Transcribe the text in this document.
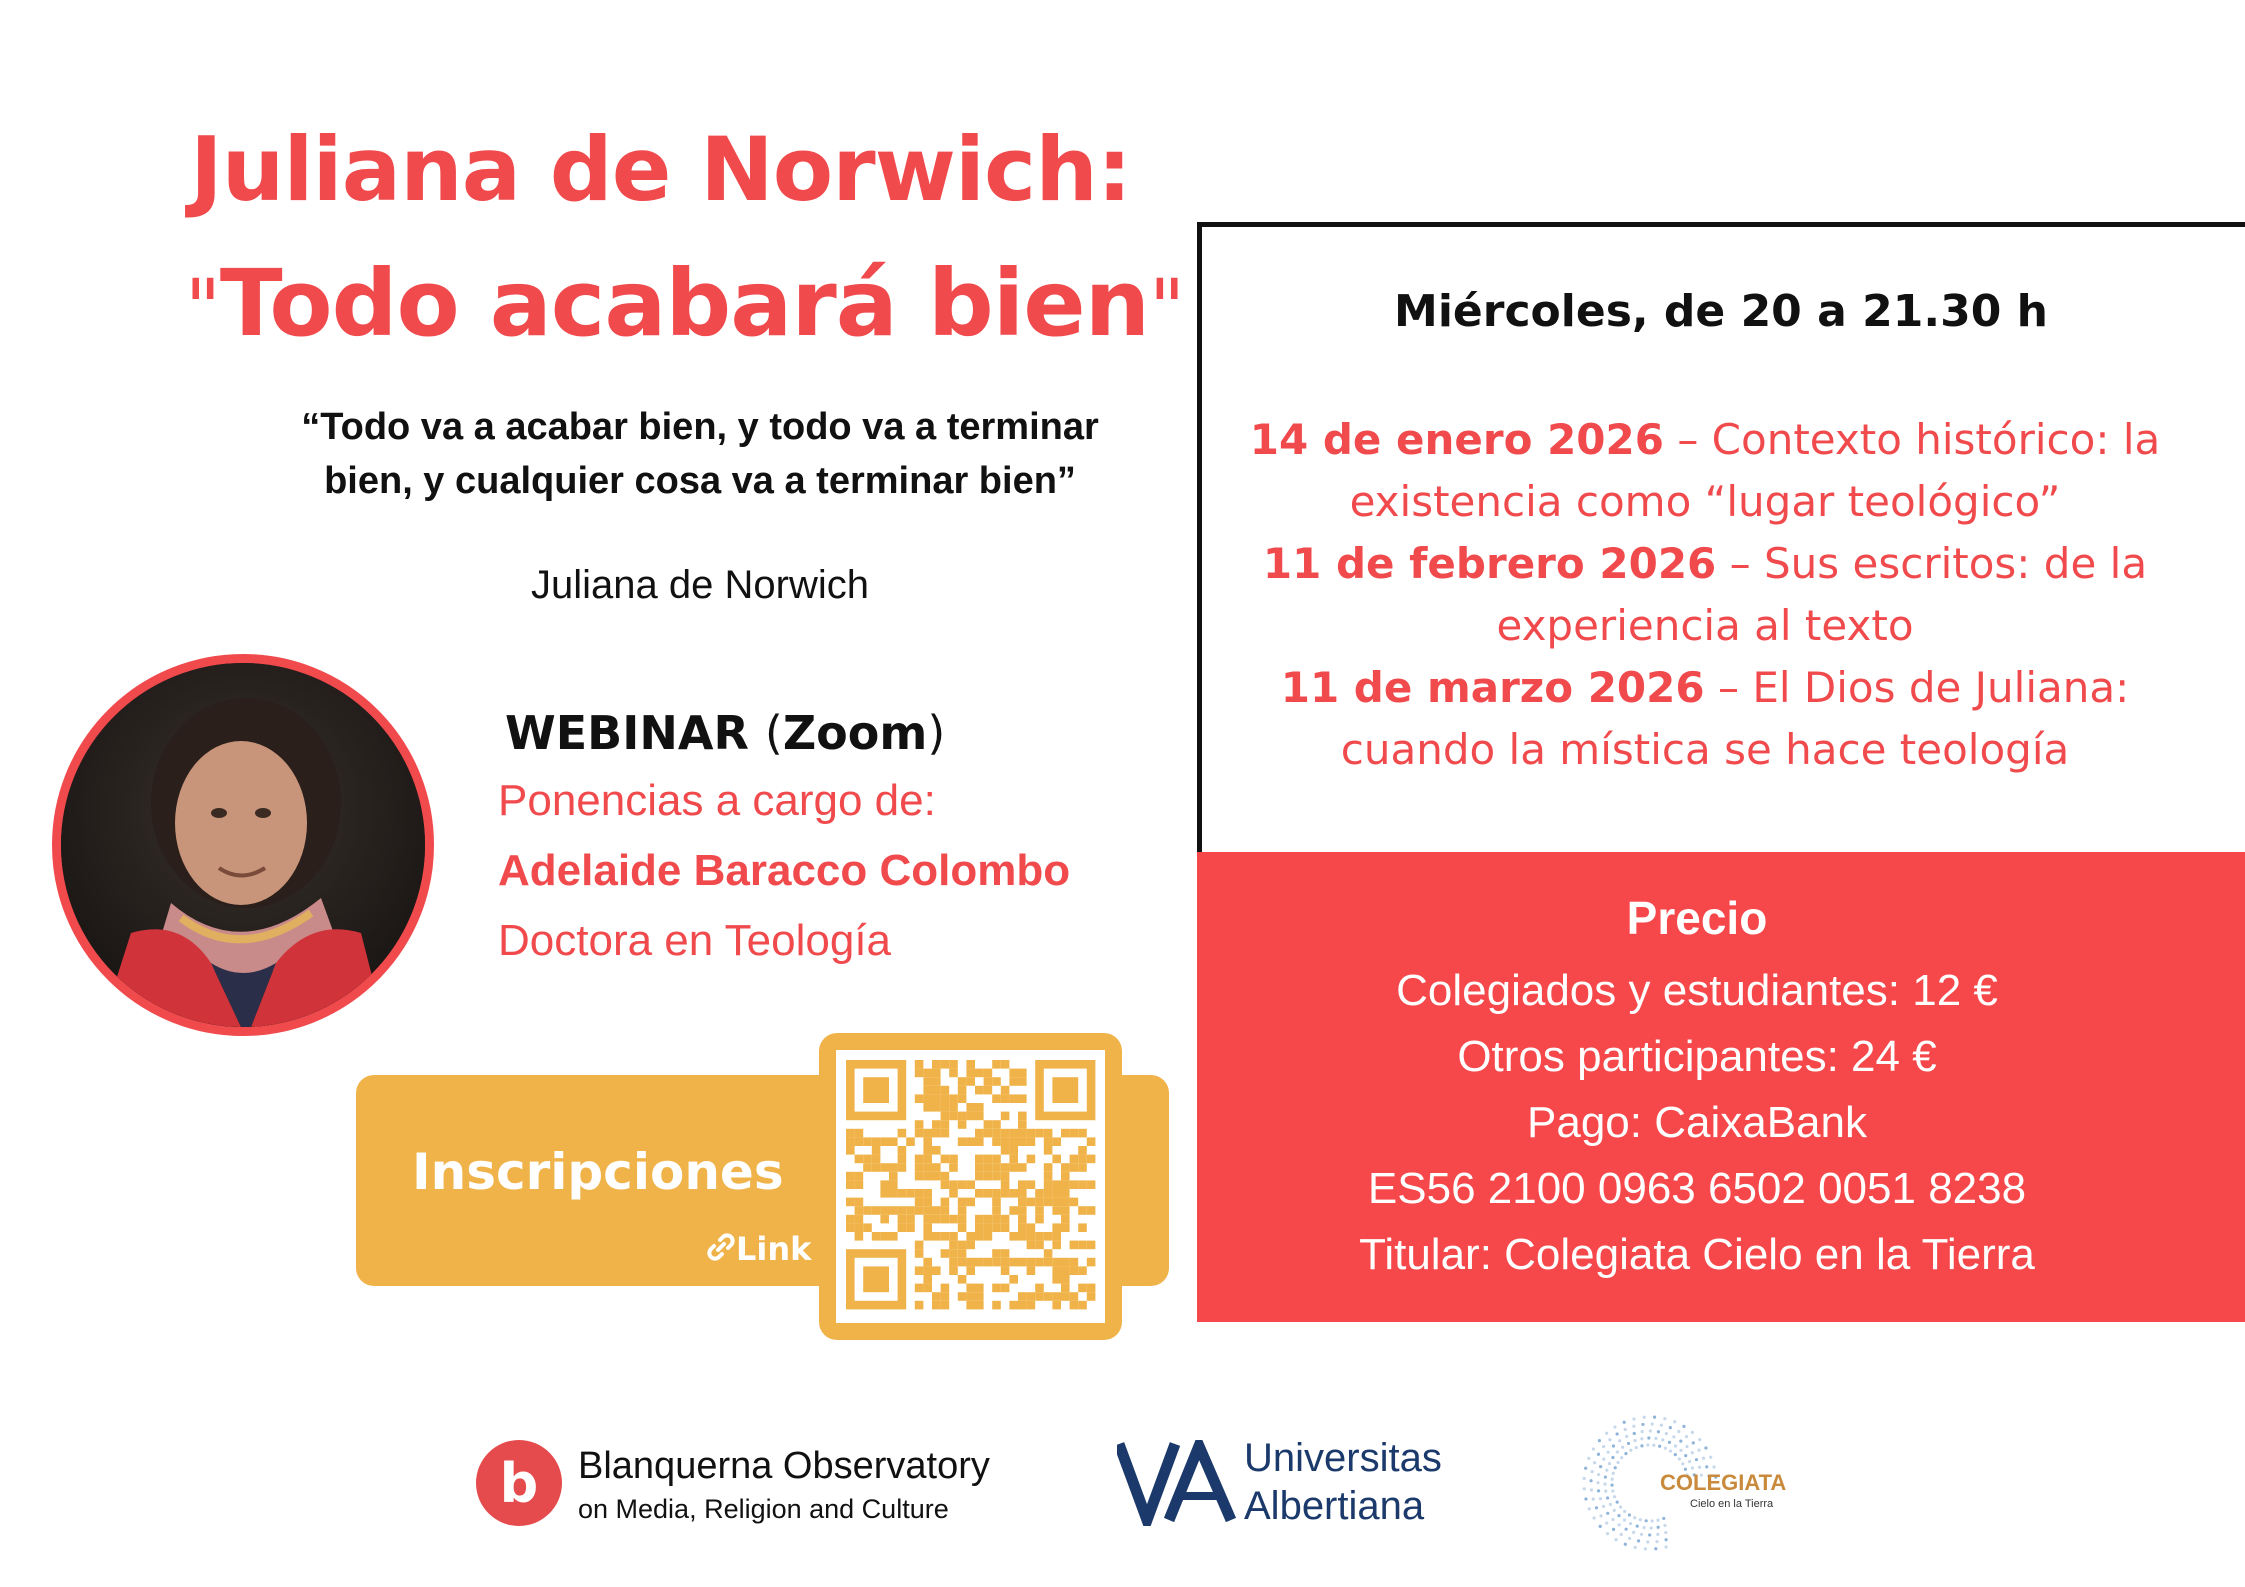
Juliana de Norwich:
"Todo acabará bien"
“Todo va a acabar bien, y todo va a terminar bien, y cualquier cosa va a terminar bien”
Juliana de Norwich
WEBINAR (Zoom)
Ponencias a cargo de:
Adelaide Baracco Colombo
Doctora en Teología
Inscripciones
Link
Miércoles, de 20 a 21.30 h
14 de enero 2026 – Contexto histórico: la existencia como “lugar teológico”
11 de febrero 2026 – Sus escritos: de la experiencia al texto
11 de marzo 2026 – El Dios de Juliana: cuando la mística se hace teología
Precio
Colegiados y estudiantes: 12 €
Otros participantes: 24 €
Pago: CaixaBank
ES56 2100 0963 6502 0051 8238
Titular: Colegiata Cielo en la Tierra
b Blanquerna Observatory
on Media, Religion and Culture
Universitas
Albertiana
COLEGIATA
Cielo en la Tierra
